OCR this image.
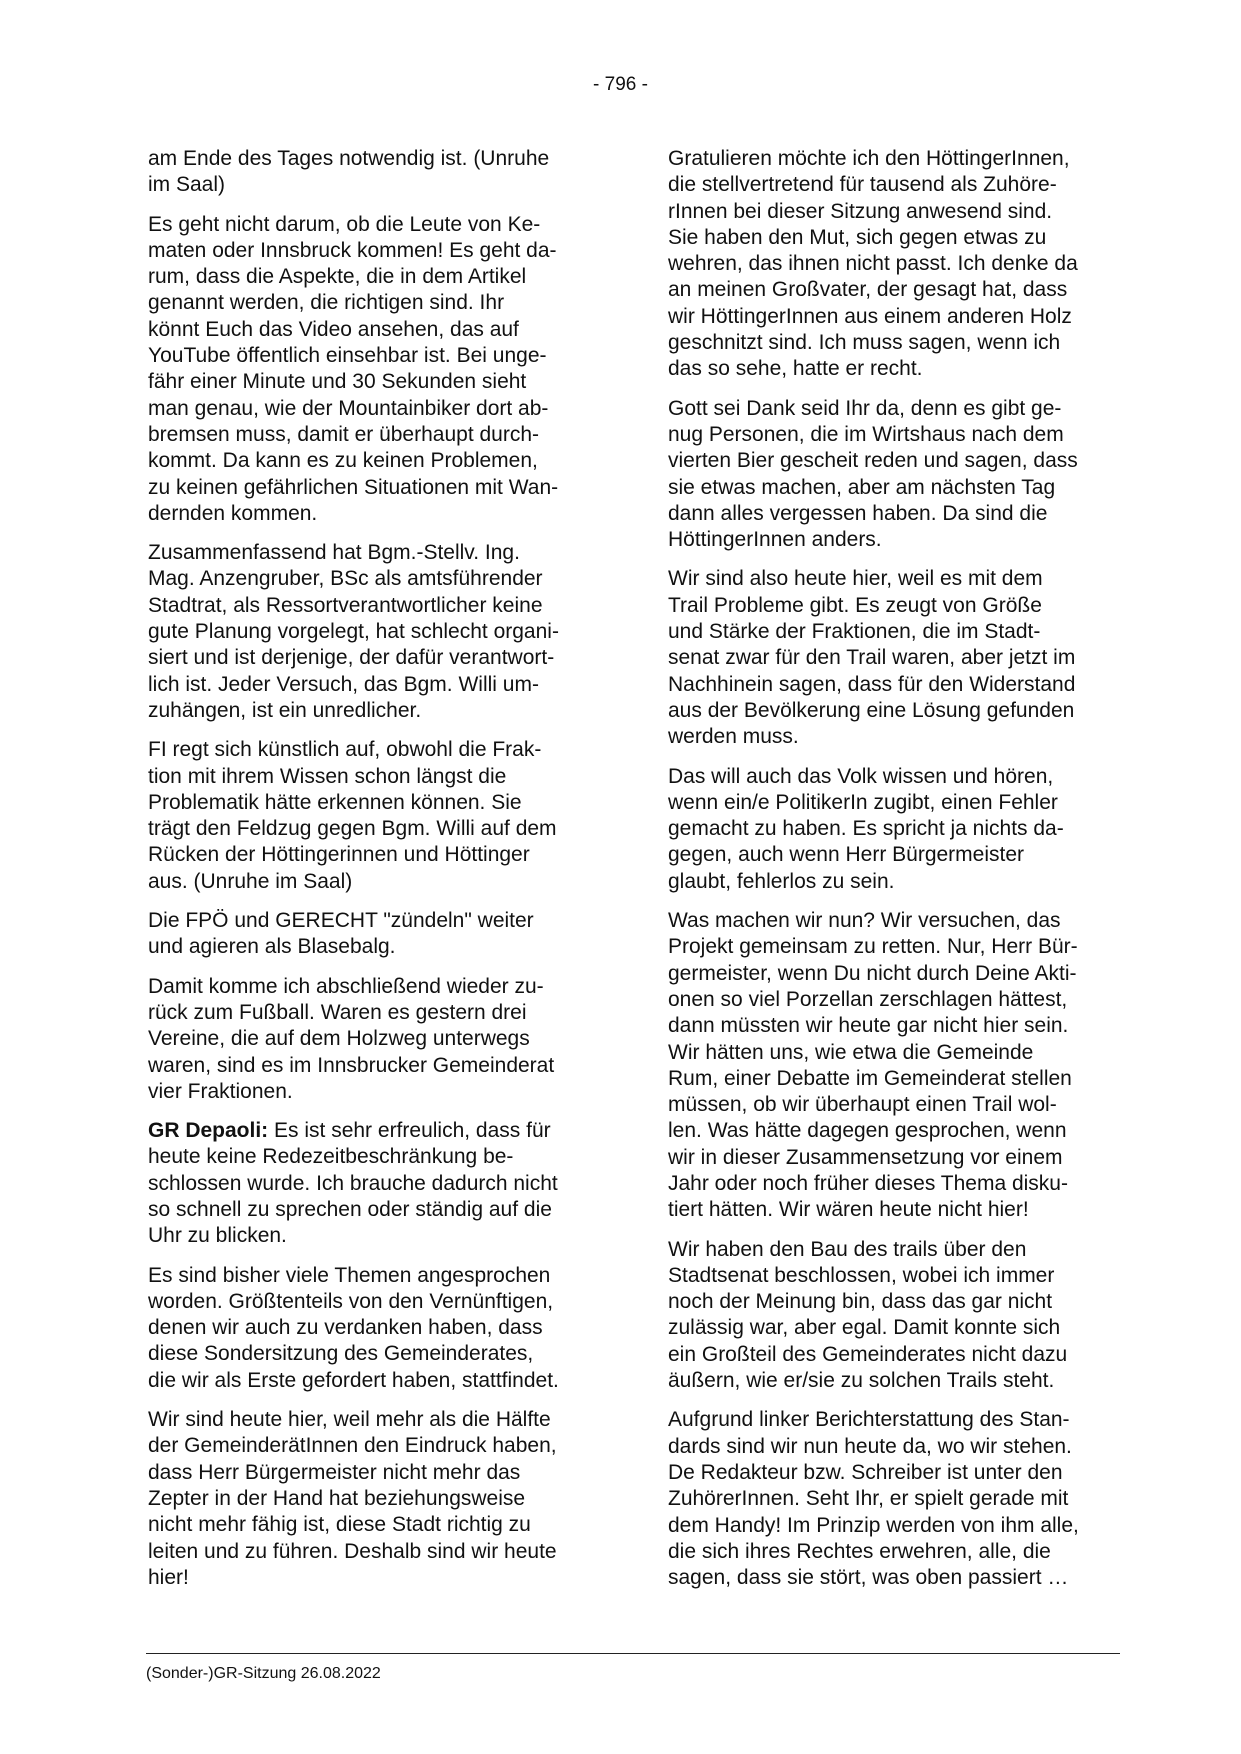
- 796 -

am Ende des Tages notwendig ist. (Unruhe
im Saal)

Es geht nicht darum, ob die Leute von Ke-
maten oder Innsbruck kommen! Es geht da-
rum, dass die Aspekte, die in dem Artikel
genannt werden, die richtigen sind. Ihr
könnt Euch das Video ansehen, das auf
YouTube öffentlich einsehbar ist. Bei unge-
fähr einer Minute und 30 Sekunden sieht
man genau, wie der Mountainbiker dort ab-
bremsen muss, damit er überhaupt durch-
kommt. Da kann es zu keinen Problemen,
zu keinen gefährlichen Situationen mit Wan-
dernden kommen.

Zusammenfassend hat Bgm.-Stellv. Ing.
Mag. Anzengruber, BSc als amtsführender
Stadtrat, als Ressortverantwortlicher keine
gute Planung vorgelegt, hat schlecht organi-
siert und ist derjenige, der dafür verantwort-
lich ist. Jeder Versuch, das Bgm. Willi um-
zuhängen, ist ein unredlicher.

FI regt sich künstlich auf, obwohl die Frak-
tion mit ihrem Wissen schon längst die
Problematik hätte erkennen können. Sie
trägt den Feldzug gegen Bgm. Willi auf dem
Rücken der Höttingerinnen und Höttinger
aus. (Unruhe im Saal)

Die FPÖ und GERECHT "zündeln" weiter
und agieren als Blasebalg.

Damit komme ich abschließend wieder zu-
rück zum Fußball. Waren es gestern drei
Vereine, die auf dem Holzweg unterwegs
waren, sind es im Innsbrucker Gemeinderat
vier Fraktionen.

GR Depaoli: Es ist sehr erfreulich, dass für
heute keine Redezeitbeschränkung be-
schlossen wurde. Ich brauche dadurch nicht
so schnell zu sprechen oder ständig auf die
Uhr zu blicken.

Es sind bisher viele Themen angesprochen
worden. Größtenteils von den Vernünftigen,
denen wir auch zu verdanken haben, dass
diese Sondersitzung des Gemeinderates,
die wir als Erste gefordert haben, stattfindet.

Wir sind heute hier, weil mehr als die Hälfte
der GemeinderätInnen den Eindruck haben,
dass Herr Bürgermeister nicht mehr das
Zepter in der Hand hat beziehungsweise
nicht mehr fähig ist, diese Stadt richtig zu
leiten und zu führen. Deshalb sind wir heute
hier!

Gratulieren möchte ich den HöttingerInnen,
die stellvertretend für tausend als Zuhöre-
rInnen bei dieser Sitzung anwesend sind.
Sie haben den Mut, sich gegen etwas zu
wehren, das ihnen nicht passt. Ich denke da
an meinen Großvater, der gesagt hat, dass
wir HöttingerInnen aus einem anderen Holz
geschnitzt sind. Ich muss sagen, wenn ich
das so sehe, hatte er recht.

Gott sei Dank seid Ihr da, denn es gibt ge-
nug Personen, die im Wirtshaus nach dem
vierten Bier gescheit reden und sagen, dass
sie etwas machen, aber am nächsten Tag
dann alles vergessen haben. Da sind die
HöttingerInnen anders.

Wir sind also heute hier, weil es mit dem
Trail Probleme gibt. Es zeugt von Größe
und Stärke der Fraktionen, die im Stadt-
senat zwar für den Trail waren, aber jetzt im
Nachhinein sagen, dass für den Widerstand
aus der Bevölkerung eine Lösung gefunden
werden muss.

Das will auch das Volk wissen und hören,
wenn ein/e PolitikerIn zugibt, einen Fehler
gemacht zu haben. Es spricht ja nichts da-
gegen, auch wenn Herr Bürgermeister
glaubt, fehlerlos zu sein.

Was machen wir nun? Wir versuchen, das
Projekt gemeinsam zu retten. Nur, Herr Bür-
germeister, wenn Du nicht durch Deine Akti-
onen so viel Porzellan zerschlagen hättest,
dann müssten wir heute gar nicht hier sein.
Wir hätten uns, wie etwa die Gemeinde
Rum, einer Debatte im Gemeinderat stellen
müssen, ob wir überhaupt einen Trail wol-
len. Was hätte dagegen gesprochen, wenn
wir in dieser Zusammensetzung vor einem
Jahr oder noch früher dieses Thema disku-
tiert hätten. Wir wären heute nicht hier!

Wir haben den Bau des trails über den
Stadtsenat beschlossen, wobei ich immer
noch der Meinung bin, dass das gar nicht
zulässig war, aber egal. Damit konnte sich
ein Großteil des Gemeinderates nicht dazu
äußern, wie er/sie zu solchen Trails steht.

Aufgrund linker Berichterstattung des Stan-
dards sind wir nun heute da, wo wir stehen.
De Redakteur bzw. Schreiber ist unter den
ZuhörerInnen. Seht Ihr, er spielt gerade mit
dem Handy! Im Prinzip werden von ihm alle,
die sich ihres Rechtes erwehren, alle, die
sagen, dass sie stört, was oben passiert …

(Sonder-)GR-Sitzung 26.08.2022
